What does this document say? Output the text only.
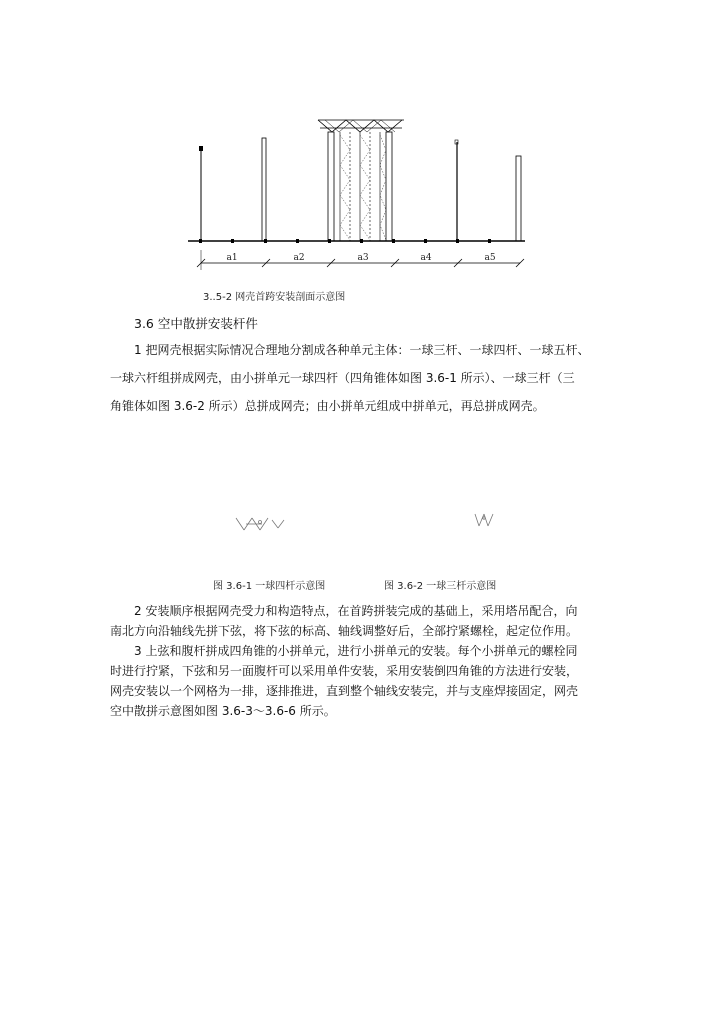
a1	a2	a3	a4	a5
3..5-2 网壳首跨安装剖面示意图
3.6 空中散拼安装杆件
1 把网壳根据实际情况合理地分割成各种单元主体：一球三杆、一球四杆、一球五杆、
一球六杆组拼成网壳，由小拼单元一球四杆（四角锥体如图 3.6-1 所示）、一球三杆（三
角锥体如图 3.6-2 所示）总拼成网壳；由小拼单元组成中拼单元，再总拼成网壳。
图 3.6-1 一球四杆示意图	图 3.6-2 一球三杆示意图
2 安装顺序根据网壳受力和构造特点，在首跨拼装完成的基础上，采用塔吊配合，向
南北方向沿轴线先拼下弦，将下弦的标高、轴线调整好后，全部拧紧螺栓，起定位作用。
3 上弦和腹杆拼成四角锥的小拼单元，进行小拼单元的安装。每个小拼单元的螺栓同
时进行拧紧，下弦和另一面腹杆可以采用单件安装，采用安装倒四角锥的方法进行安装，
网壳安装以一个网格为一排，逐排推进，直到整个轴线安装完，并与支座焊接固定，网壳
空中散拼示意图如图 3.6-3～3.6-6 所示。
